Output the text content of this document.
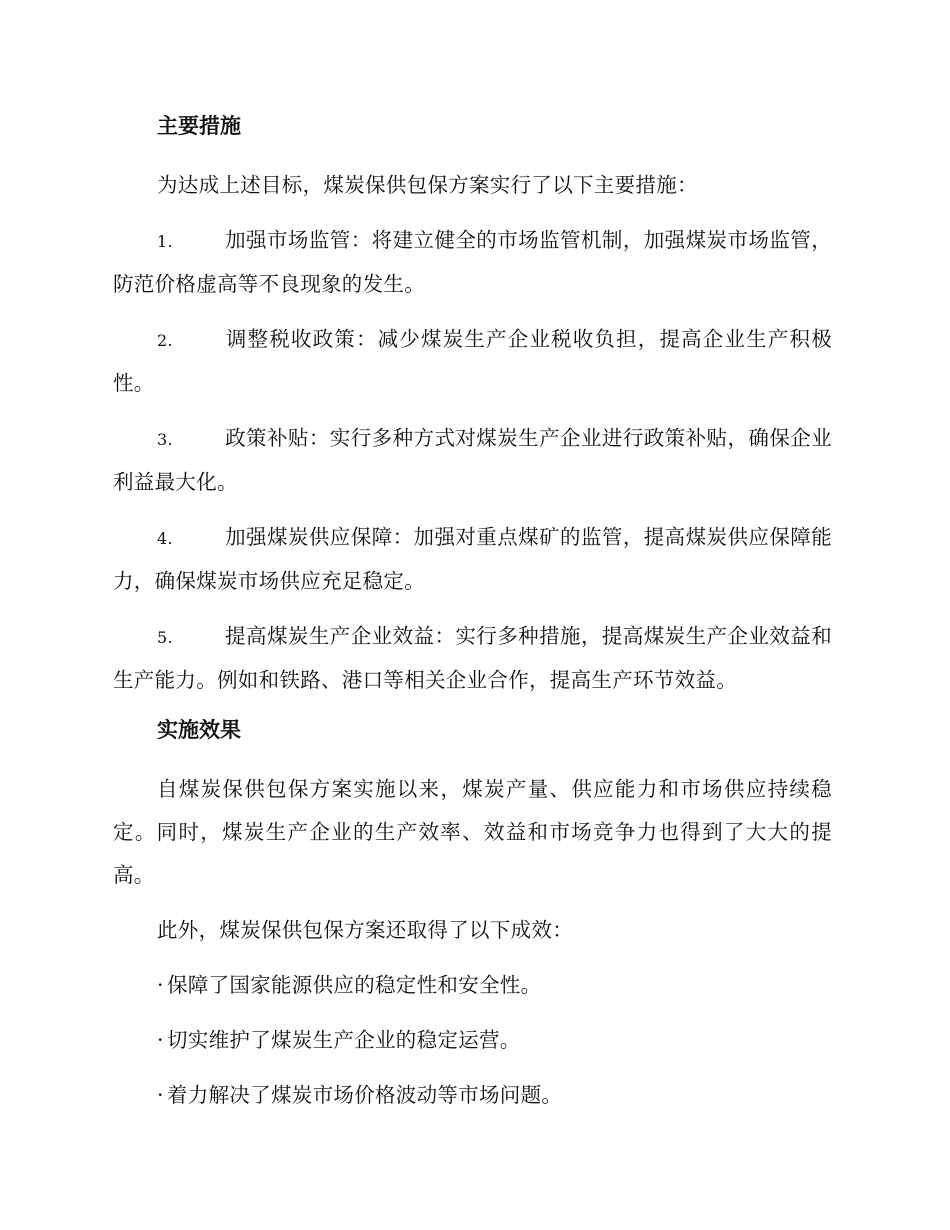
主要措施

为达成上述目标，煤炭保供包保方案实行了以下主要措施：

1.	加强市场监管：将建立健全的市场监管机制，加强煤炭市场监管，防范价格虚高等不良现象的发生。

2.	调整税收政策：减少煤炭生产企业税收负担，提高企业生产积极性。

3.	政策补贴：实行多种方式对煤炭生产企业进行政策补贴，确保企业利益最大化。

4.	加强煤炭供应保障：加强对重点煤矿的监管，提高煤炭供应保障能力，确保煤炭市场供应充足稳定。

5.	提高煤炭生产企业效益：实行多种措施，提高煤炭生产企业效益和生产能力。例如和铁路、港口等相关企业合作，提高生产环节效益。

实施效果

自煤炭保供包保方案实施以来，煤炭产量、供应能力和市场供应持续稳定。同时，煤炭生产企业的生产效率、效益和市场竞争力也得到了大大的提高。

此外，煤炭保供包保方案还取得了以下成效：

· 保障了国家能源供应的稳定性和安全性。

· 切实维护了煤炭生产企业的稳定运营。

· 着力解决了煤炭市场价格波动等市场问题。
